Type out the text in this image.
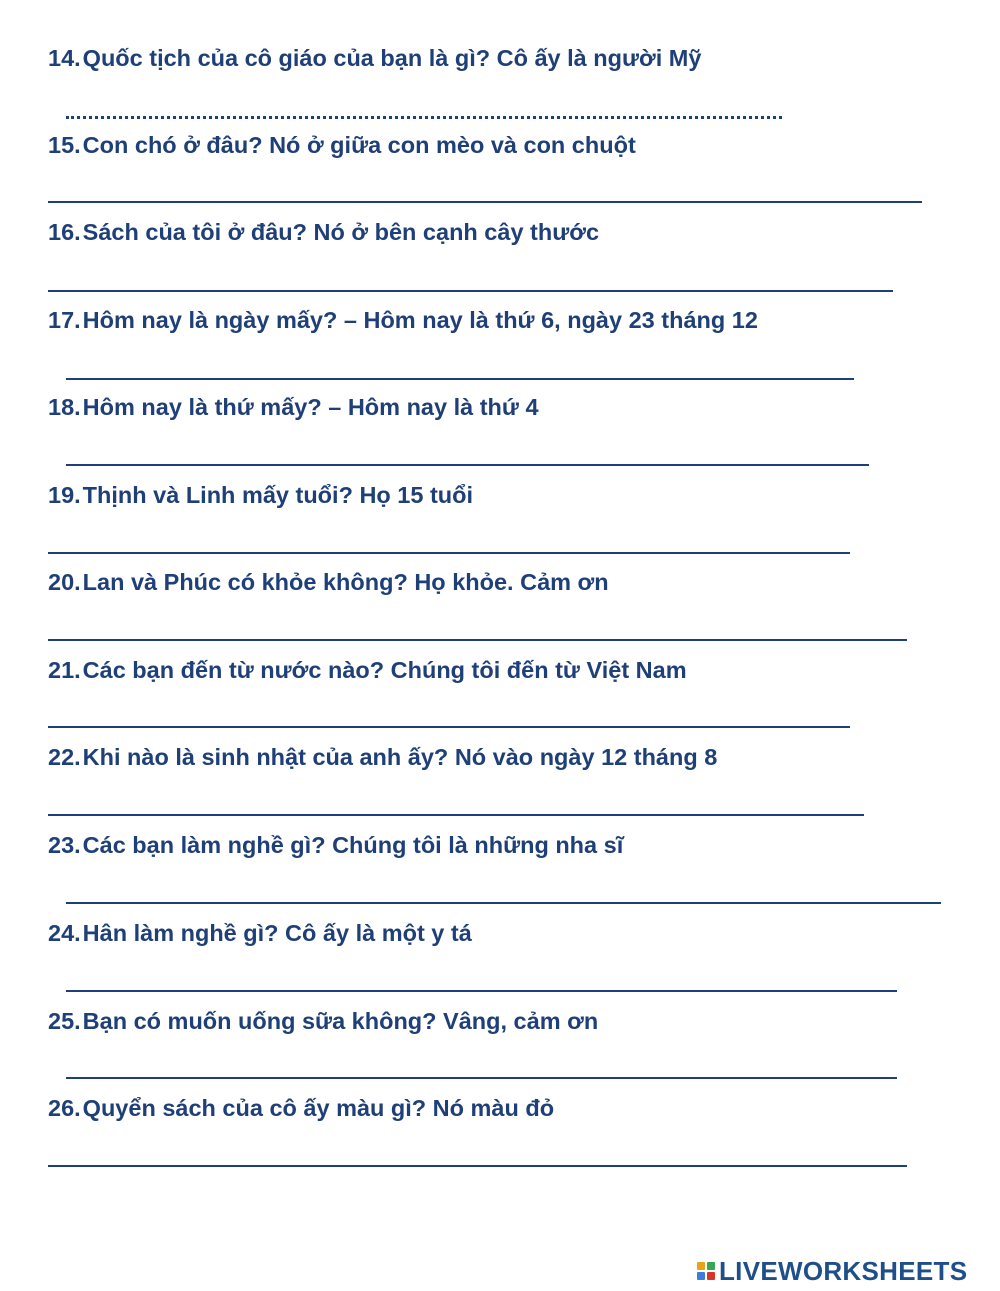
14.Quốc tịch của cô giáo của bạn là gì? Cô ấy là người Mỹ
15.Con chó ở đâu? Nó ở giữa con mèo và con chuột
16.Sách của tôi ở đâu? Nó ở bên cạnh cây thước
17.Hôm nay là ngày mấy? – Hôm nay là thứ 6, ngày 23 tháng 12
18.Hôm nay là thứ mấy? – Hôm nay là thứ 4
19.Thịnh và Linh mấy tuổi? Họ 15 tuổi
20.Lan và Phúc có khỏe không? Họ khỏe. Cảm ơn
21.Các bạn đến từ nước nào? Chúng tôi đến từ Việt Nam
22.Khi nào là sinh nhật của anh ấy? Nó vào ngày 12 tháng 8
23.Các bạn làm nghề gì? Chúng tôi là những nha sĩ
24.Hân làm nghề gì? Cô ấy là một y tá
25.Bạn có muốn uống sữa không? Vâng, cảm ơn
26.Quyển sách của cô ấy màu gì? Nó màu đỏ
LIVEWORKSHEETS
